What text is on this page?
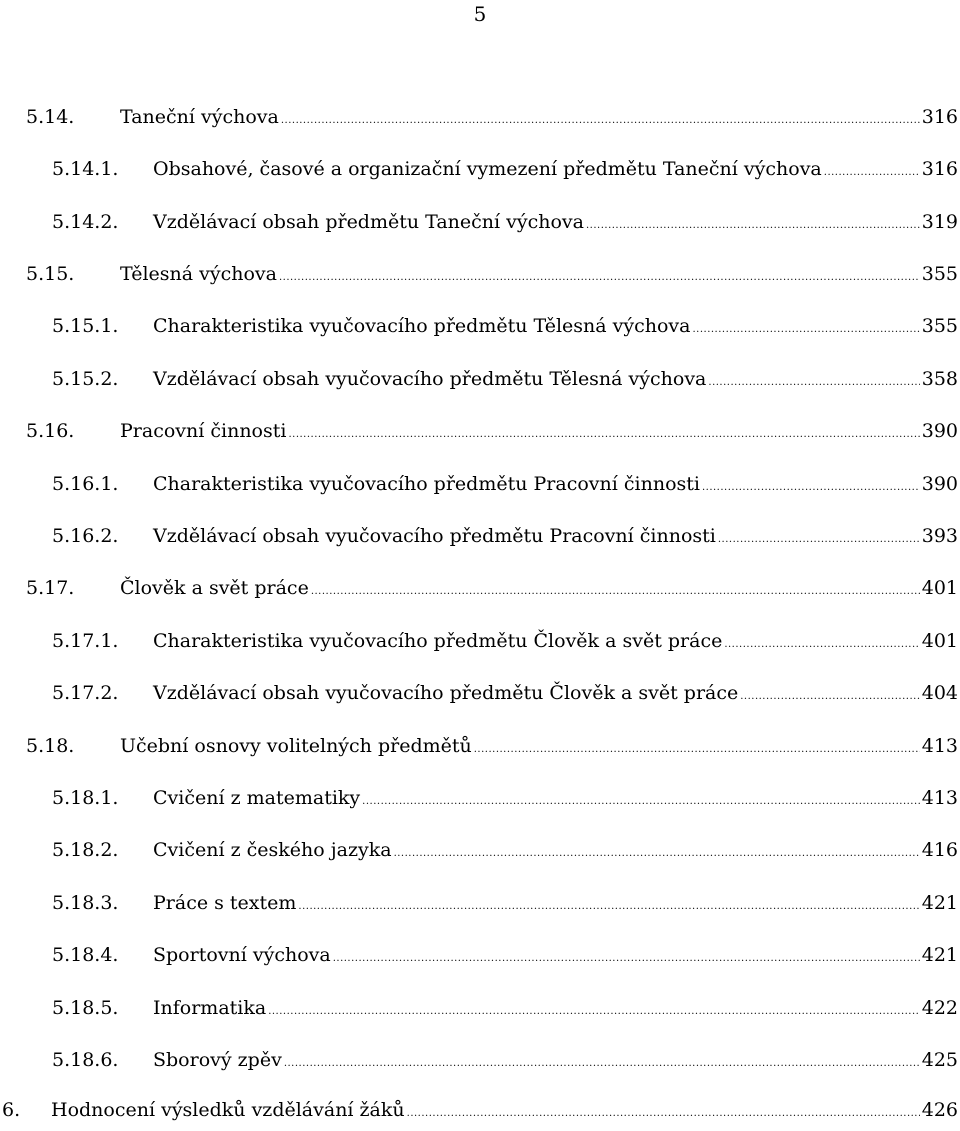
5
5.14.	Taneční výchova .....	316
5.14.1.	Obsahové, časové a organizační vymezení předmětu Taneční výchova .....	316
5.14.2.	Vzdělávací obsah předmětu Taneční výchova .....	319
5.15.	Tělesná výchova .....	355
5.15.1.	Charakteristika vyučovacího předmětu Tělesná výchova .....	355
5.15.2.	Vzdělávací obsah vyučovacího předmětu Tělesná výchova .....	358
5.16.	Pracovní činnosti .....	390
5.16.1.	Charakteristika vyučovacího předmětu Pracovní činnosti .....	390
5.16.2.	Vzdělávací obsah vyučovacího předmětu Pracovní činnosti .....	393
5.17.	Člověk a svět práce .....	401
5.17.1.	Charakteristika vyučovacího předmětu Člověk a svět práce .....	401
5.17.2.	Vzdělávací obsah vyučovacího předmětu Člověk a svět práce .....	404
5.18.	Učební osnovy volitelných předmětů .....	413
5.18.1.	Cvičení z matematiky .....	413
5.18.2.	Cvičení z českého jazyka .....	416
5.18.3.	Práce s textem .....	421
5.18.4.	Sportovní výchova .....	421
5.18.5.	Informatika .....	422
5.18.6.	Sborový zpěv .....	425
6.	Hodnocení výsledků vzdělávání žáků .....	426
